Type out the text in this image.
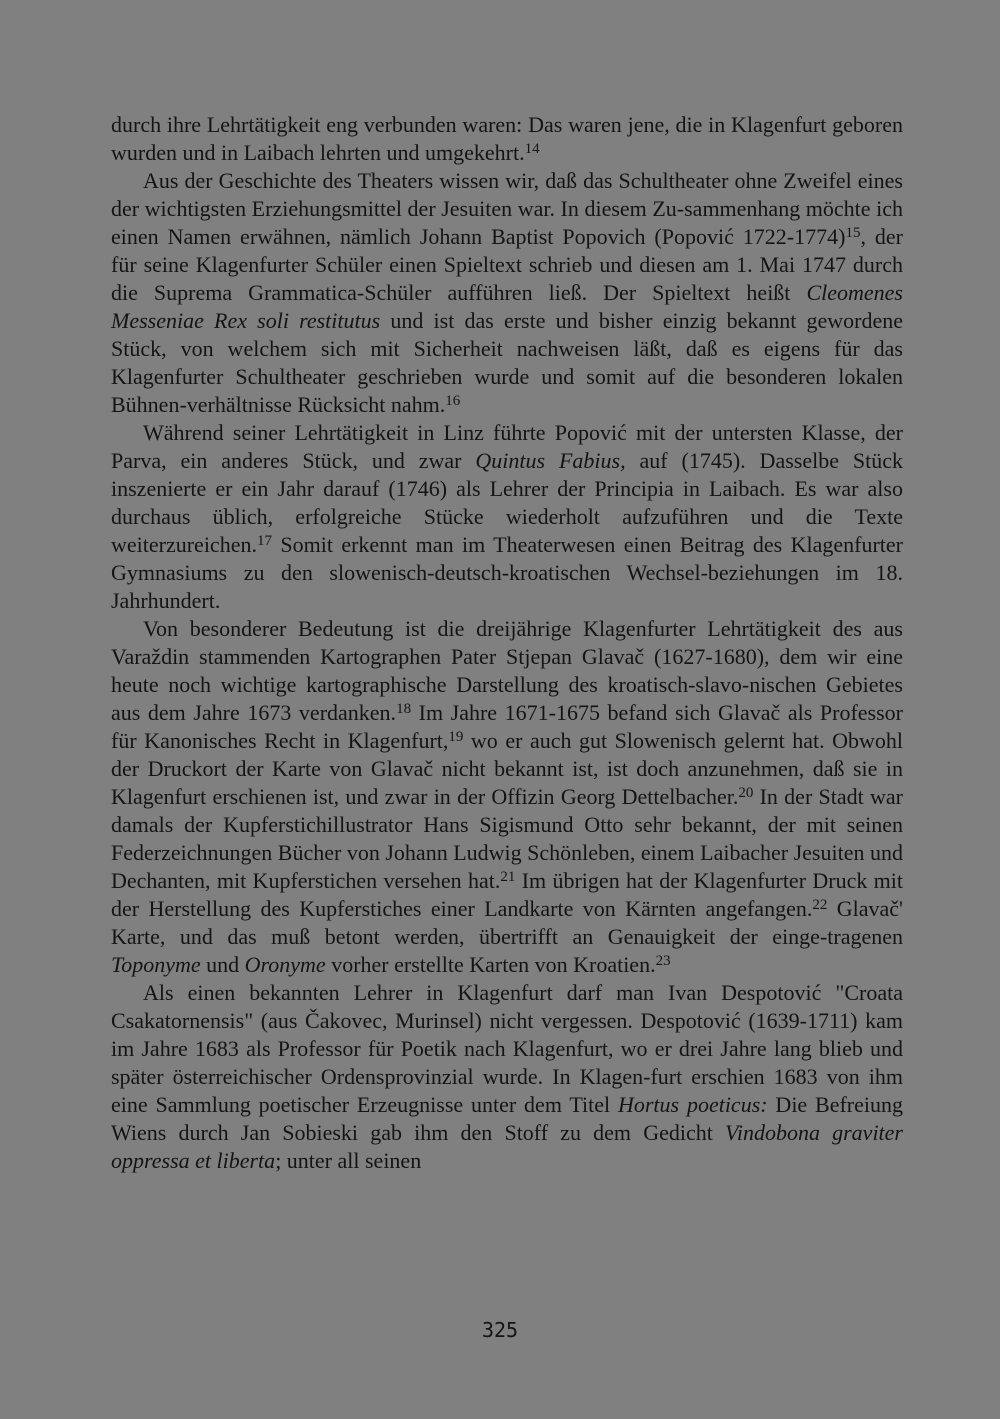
durch ihre Lehrtätigkeit eng verbunden waren: Das waren jene, die in Klagenfurt geboren wurden und in Laibach lehrten und umgekehrt.$^{14}$

Aus der Geschichte des Theaters wissen wir, daß das Schultheater ohne Zweifel eines der wichtigsten Erziehungsmittel der Jesuiten war. In diesem Zu-sammenhang möchte ich einen Namen erwähnen, nämlich Johann Baptist Popovich (Popović 1722-1774)$^{15}$, der für seine Klagenfurter Schüler einen Spieltext schrieb und diesen am 1. Mai 1747 durch die Suprema Grammatica-Schüler aufführen ließ. Der Spieltext heißt Cleomenes Messeniae Rex soli restitutus und ist das erste und bisher einzig bekannt gewordene Stück, von welchem sich mit Sicherheit nachweisen läßt, daß es eigens für das Klagenfurter Schultheater geschrieben wurde und somit auf die besonderen lokalen Bühnen-verhältnisse Rücksicht nahm.$^{16}$

Während seiner Lehrtätigkeit in Linz führte Popović mit der untersten Klasse, der Parva, ein anderes Stück, und zwar Quintus Fabius, auf (1745). Dasselbe Stück inszenierte er ein Jahr darauf (1746) als Lehrer der Principia in Laibach. Es war also durchaus üblich, erfolgreiche Stücke wiederholt aufzuführen und die Texte weiterzureichen.$^{17}$ Somit erkennt man im Theaterwesen einen Beitrag des Klagenfurter Gymnasiums zu den slowenisch-deutsch-kroatischen Wechsel-beziehungen im 18. Jahrhundert.

Von besonderer Bedeutung ist die dreijährige Klagenfurter Lehrtätigkeit des aus Varaždin stammenden Kartographen Pater Stjepan Glavač (1627-1680), dem wir eine heute noch wichtige kartographische Darstellung des kroatisch-slavo-nischen Gebietes aus dem Jahre 1673 verdanken.$^{18}$ Im Jahre 1671-1675 befand sich Glavač als Professor für Kanonisches Recht in Klagenfurt,$^{19}$ wo er auch gut Slowenisch gelernt hat. Obwohl der Druckort der Karte von Glavač nicht bekannt ist, ist doch anzunehmen, daß sie in Klagenfurt erschienen ist, und zwar in der Offizin Georg Dettelbacher.$^{20}$ In der Stadt war damals der Kupferstichillustrator Hans Sigismund Otto sehr bekannt, der mit seinen Federzeichnungen Bücher von Johann Ludwig Schönleben, einem Laibacher Jesuiten und Dechanten, mit Kupferstichen versehen hat.$^{21}$ Im übrigen hat der Klagenfurter Druck mit der Herstellung des Kupferstiches einer Landkarte von Kärnten angefangen.$^{22}$ Glavač' Karte, und das muß betont werden, übertrifft an Genauigkeit der einge-tragenen Toponyme und Oronyme vorher erstellte Karten von Kroatien.$^{23}$

Als einen bekannten Lehrer in Klagenfurt darf man Ivan Despotović "Croata Csakatornensis" (aus Čakovec, Murinsel) nicht vergessen. Despotović (1639-1711) kam im Jahre 1683 als Professor für Poetik nach Klagenfurt, wo er drei Jahre lang blieb und später österreichischer Ordensprovinzial wurde. In Klagen-furt erschien 1683 von ihm eine Sammlung poetischer Erzeugnisse unter dem Titel Hortus poeticus: Die Befreiung Wiens durch Jan Sobieski gab ihm den Stoff zu dem Gedicht Vindobona graviter oppressa et liberta; unter all seinen

325
